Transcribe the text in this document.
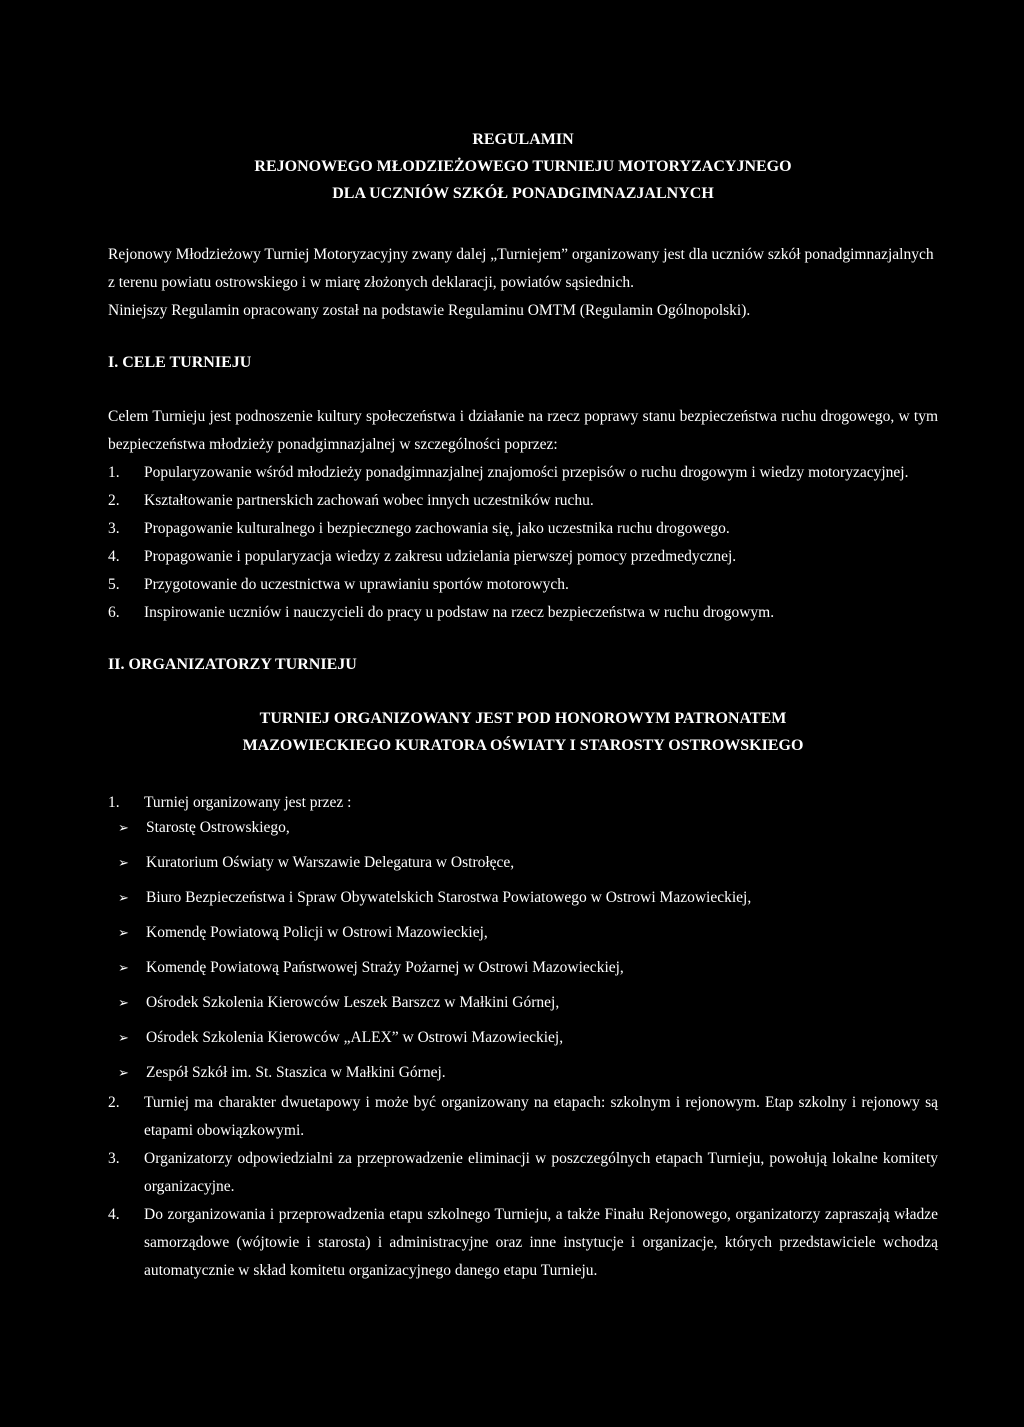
REGULAMIN
REJONOWEGO MŁODZIEŻOWEGO TURNIEJU MOTORYZACYJNEGO
DLA UCZNIÓW SZKÓŁ PONADGIMNAZJALNYCH

Rejonowy Młodzieżowy Turniej Motoryzacyjny zwany dalej „Turniejem” organizowany jest dla uczniów szkół ponadgimnazjalnych z terenu powiatu ostrowskiego i w miarę złożonych deklaracji, powiatów sąsiednich.

Niniejszy Regulamin opracowany został na podstawie Regulaminu OMTM (Regulamin Ogólnopolski).

I. CELE TURNIEJU

Celem Turnieju jest podnoszenie kultury społeczeństwa i działanie na rzecz poprawy stanu bezpieczeństwa ruchu drogowego, w tym bezpieczeństwa młodzieży ponadgimnazjalnej w szczególności poprzez:

1. Popularyzowanie wśród młodzieży ponadgimnazjalnej znajomości przepisów o ruchu drogowym i wiedzy motoryzacyjnej.
2. Kształtowanie partnerskich zachowań wobec innych uczestników ruchu.
3. Propagowanie kulturalnego i bezpiecznego zachowania się, jako uczestnika ruchu drogowego.
4. Propagowanie i popularyzacja wiedzy z zakresu udzielania pierwszej pomocy przedmedycznej.
5. Przygotowanie do uczestnictwa w uprawianiu sportów motorowych.
6. Inspirowanie uczniów i nauczycieli do pracy u podstaw na rzecz bezpieczeństwa w ruchu drogowym.
II. ORGANIZATORZY TURNIEJU
TURNIEJ ORGANIZOWANY JEST POD HONOROWYM PATRONATEM
MAZOWIECKIEGO KURATORA OŚWIATY I STAROSTY OSTROWSKIEGO
1. Turniej organizowany jest przez :
➢ Starostę Ostrowskiego,
➢ Kuratorium Oświaty w Warszawie Delegatura w Ostrołęce,
➢ Biuro Bezpieczeństwa i Spraw Obywatelskich Starostwa Powiatowego w Ostrowi Mazowieckiej,
➢ Komendę Powiatową Policji w Ostrowi Mazowieckiej,
➢ Komendę Powiatową Państwowej Straży Pożarnej w Ostrowi Mazowieckiej,
➢ Ośrodek Szkolenia Kierowców Leszek Barszcz w Małkini Górnej,
➢ Ośrodek Szkolenia Kierowców „ALEX” w Ostrowi Mazowieckiej,
➢ Zespół Szkół im. St. Staszica w Małkini Górnej.
2. Turniej ma charakter dwuetapowy i może być organizowany na etapach: szkolnym i rejonowym. Etap szkolny i rejonowy są etapami obowiązkowymi.
3. Organizatorzy odpowiedzialni za przeprowadzenie eliminacji w poszczególnych etapach Turnieju, powołują lokalne komitety organizacyjne.
4. Do zorganizowania i przeprowadzenia etapu szkolnego Turnieju, a także Finału Rejonowego, organizatorzy zapraszają władze samorządowe (wójtowie i starosta) i administracyjne oraz inne instytucje i organizacje, których przedstawiciele wchodzą automatycznie w skład komitetu organizacyjnego danego etapu Turnieju.
